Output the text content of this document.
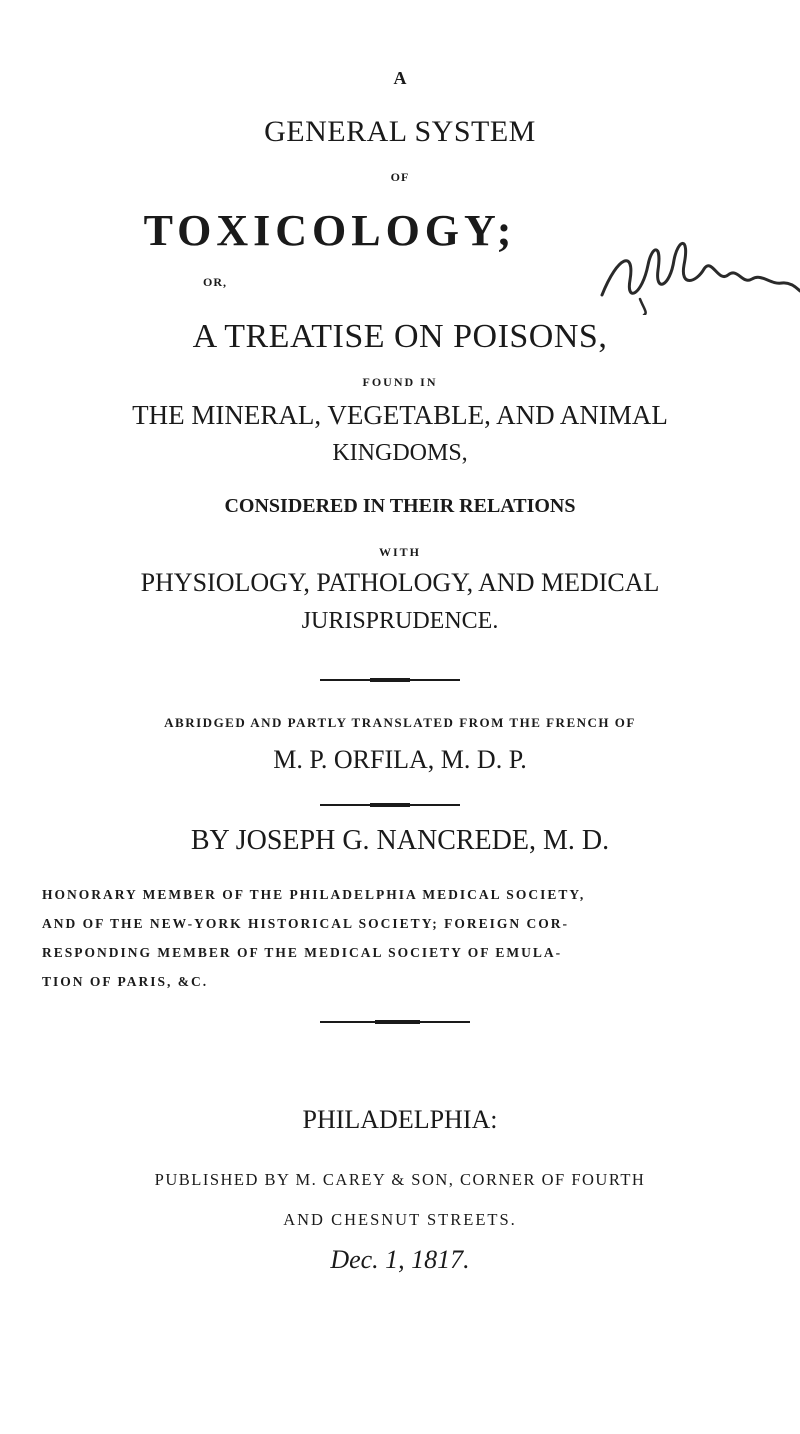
A
GENERAL SYSTEM
OF
TOXICOLOGY;
OR,
A TREATISE ON POISONS,
FOUND IN
THE MINERAL, VEGETABLE, AND ANIMAL
KINGDOMS,
CONSIDERED IN THEIR RELATIONS
WITH
PHYSIOLOGY, PATHOLOGY, AND MEDICAL
JURISPRUDENCE.
ABRIDGED AND PARTLY TRANSLATED FROM THE FRENCH OF
M. P. ORFILA, M. D. P.
BY JOSEPH G. NANCREDE, M. D.
HONORARY MEMBER OF THE PHILADELPHIA MEDICAL SOCIETY,
AND OF THE NEW-YORK HISTORICAL SOCIETY; FOREIGN COR-
RESPONDING MEMBER OF THE MEDICAL SOCIETY OF EMULA-
TION OF PARIS, &C.
PHILADELPHIA:
PUBLISHED BY M. CAREY & SON, CORNER OF FOURTH
AND CHESNUT STREETS.
Dec. 1, 1817.
